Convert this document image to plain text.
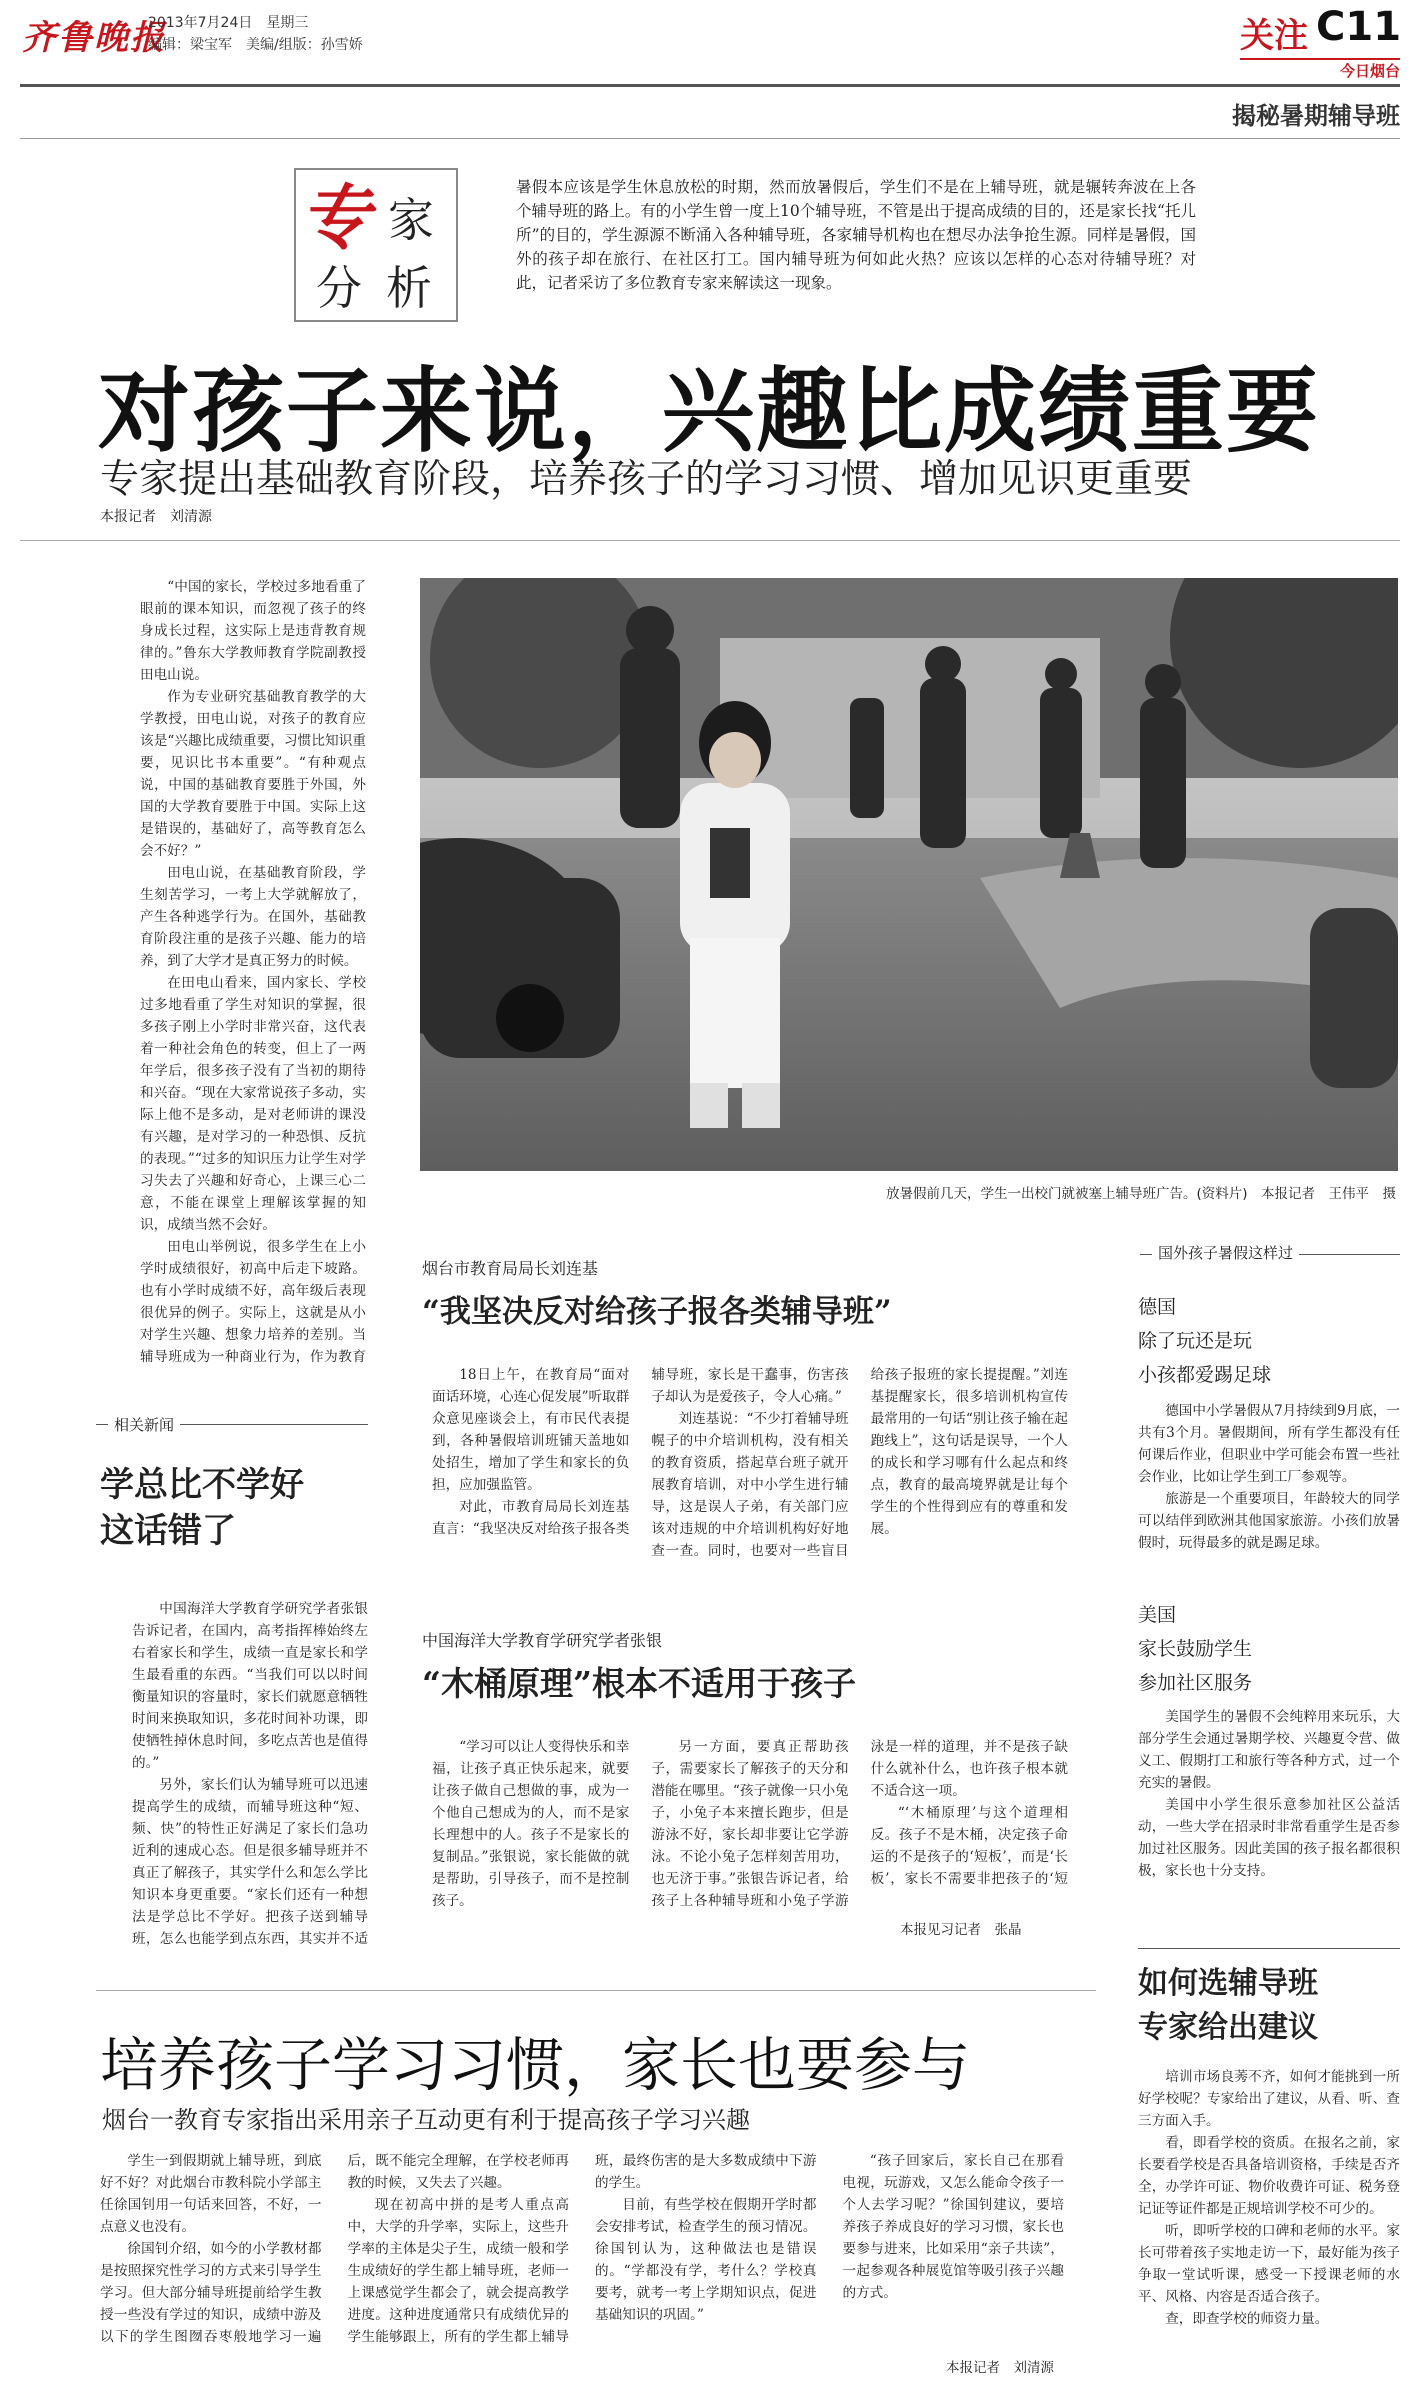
齐鲁晚报
2013年7月24日　星期三
编辑：梁宝军　美编/组版：孙雪娇	关注 C11
今日烟台
揭秘暑期辅导班
专 家
分 析
暑假本应该是学生休息放松的时期，然而放暑假后，学生们不是在上辅导班，就是辗转奔波在上各个辅导班的路上。有的小学生曾一度上10个辅导班，不管是出于提高成绩的目的，还是家长找“托儿所”的目的，学生源源不断涌入各种辅导班，各家辅导机构也在想尽办法争抢生源。同样是暑假，国外的孩子却在旅行、在社区打工。国内辅导班为何如此火热？应该以怎样的心态对待辅导班？对此，记者采访了多位教育专家来解读这一现象。
对孩子来说，兴趣比成绩重要
专家提出基础教育阶段，培养孩子的学习习惯、增加见识更重要
本报记者　刘清源

“中国的家长，学校过多地看重了眼前的课本知识，而忽视了孩子的终身成长过程，这实际上是违背教育规律的。”鲁东大学教师教育学院副教授田电山说。

作为专业研究基础教育教学的大学教授，田电山说，对孩子的教育应该是“兴趣比成绩重要，习惯比知识重要，见识比书本重要”。“有种观点说，中国的基础教育要胜于外国，外国的大学教育要胜于中国。实际上这是错误的，基础好了，高等教育怎么会不好？”

田电山说，在基础教育阶段，学生刻苦学习，一考上大学就解放了，产生各种逃学行为。在国外，基础教育阶段注重的是孩子兴趣、能力的培养，到了大学才是真正努力的时候。

在田电山看来，国内家长、学校过多地看重了学生对知识的掌握，很多孩子刚上小学时非常兴奋，这代表着一种社会角色的转变，但上了一两年学后，很多孩子没有了当初的期待和兴奋。“现在大家常说孩子多动，实际上他不是多动，是对老师讲的课没有兴趣，是对学习的一种恐惧、反抗的表现。”“过多的知识压力让学生对学习失去了兴趣和好奇心，上课三心二意，不能在课堂上理解该掌握的知识，成绩当然不会好。

田电山举例说，很多学生在上小学时成绩很好，初高中后走下坡路。也有小学时成绩不好，高年级后表现很优异的例子。实际上，这就是从小对学生兴趣、想象力培养的差别。当辅导班成为一种商业行为，作为教育

放暑假前几天，学生一出校门就被塞上辅导班广告。(资料片)　本报记者　王伟平　摄
相关新闻
学总比不学好
这话错了

中国海洋大学教育学研究学者张银告诉记者，在国内，高考指挥棒始终左右着家长和学生，成绩一直是家长和学生最看重的东西。“当我们可以以时间衡量知识的容量时，家长们就愿意牺牲时间来换取知识，多花时间补功课，即使牺牲掉休息时间，多吃点苦也是值得的。”

另外，家长们认为辅导班可以迅速提高学生的成绩，而辅导班这种“短、频、快”的特性正好满足了家长们急功近利的速成心态。但是很多辅导班并不真正了解孩子，其实学什么和怎么学比知识本身更重要。“家长们还有一种想法是学总比不学好。把孩子送到辅导班，怎么也能学到点东西，其实并不适

烟台市教育局局长刘连基
“我坚决反对给孩子报各类辅导班”

18日上午，在教育局“面对面话环境，心连心促发展”听取群众意见座谈会上，有市民代表提到，各种暑假培训班铺天盖地如处招生，增加了学生和家长的负担，应加强监管。

对此，市教育局局长刘连基直言：“我坚决反对给孩子报各类辅导班，家长是干蠢事，伤害孩子却认为是爱孩子，令人心痛。”

刘连基说：“不少打着辅导班幌子的中介培训机构，没有相关的教育资质，搭起草台班子就开展教育培训，对中小学生进行辅导，这是误人子弟，有关部门应该对违规的中介培训机构好好地查一查。同时，也要对一些盲目给孩子报班的家长提提醒。”刘连基提醒家长，很多培训机构宣传最常用的一句话“别让孩子输在起跑线上”，这句话是误导，一个人的成长和学习哪有什么起点和终点，教育的最高境界就是让每个学生的个性得到应有的尊重和发展。

中国海洋大学教育学研究学者张银
“木桶原理”根本不适用于孩子

“学习可以让人变得快乐和幸福，让孩子真正快乐起来，就要让孩子做自己想做的事，成为一个他自己想成为的人，而不是家长理想中的人。孩子不是家长的复制品。”张银说，家长能做的就是帮助，引导孩子，而不是控制孩子。

另一方面，要真正帮助孩子，需要家长了解孩子的天分和潜能在哪里。“孩子就像一只小兔子，小兔子本来擅长跑步，但是游泳不好，家长却非要让它学游泳。不论小兔子怎样刻苦用功，也无济于事。”张银告诉记者，给孩子上各种辅导班和小兔子学游泳是一样的道理，并不是孩子缺什么就补什么，也许孩子根本就不适合这一项。

“‘木桶原理’与这个道理相反。孩子不是木桶，决定孩子命运的不是孩子的‘短板’，而是‘长板’，家长不需要非把孩子的‘短

本报见习记者　张晶
国外孩子暑假这样过
德国
除了玩还是玩
小孩都爱踢足球

德国中小学暑假从7月持续到9月底，一共有3个月。暑假期间，所有学生都没有任何课后作业，但职业中学可能会布置一些社会作业，比如让学生到工厂参观等。

旅游是一个重要项目，年龄较大的同学可以结伴到欧洲其他国家旅游。小孩们放暑假时，玩得最多的就是踢足球。

美国
家长鼓励学生
参加社区服务

美国学生的暑假不会纯粹用来玩乐，大部分学生会通过暑期学校、兴趣夏令营、做义工、假期打工和旅行等各种方式，过一个充实的暑假。

美国中小学生很乐意参加社区公益活动，一些大学在招录时非常看重学生是否参加过社区服务。因此美国的孩子报名都很积极，家长也十分支持。

如何选辅导班
专家给出建议

培训市场良莠不齐，如何才能挑到一所好学校呢？专家给出了建议，从看、听、查三方面入手。

看，即看学校的资质。在报名之前，家长要看学校是否具备培训资格，手续是否齐全，办学许可证、物价收费许可证、税务登记证等证件都是正规培训学校不可少的。

听，即听学校的口碑和老师的水平。家长可带着孩子实地走访一下，最好能为孩子争取一堂试听课，感受一下授课老师的水平、风格、内容是否适合孩子。

查，即查学校的师资力量。

培养孩子学习习惯，家长也要参与
烟台一教育专家指出采用亲子互动更有利于提高孩子学习兴趣

学生一到假期就上辅导班，到底好不好？对此烟台市教科院小学部主任徐国钊用一句话来回答，不好，一点意义也没有。

徐国钊介绍，如今的小学教材都是按照探究性学习的方式来引导学生学习。但大部分辅导班提前给学生教授一些没有学过的知识，成绩中游及以下的学生图囫吞枣般地学习一遍后，既不能完全理解，在学校老师再教的时候，又失去了兴趣。

现在初高中拼的是考人重点高中，大学的升学率，实际上，这些升学率的主体是尖子生，成绩一般和学生成绩好的学生都上辅导班，老师一上课感觉学生都会了，就会提高教学进度。这种进度通常只有成绩优异的学生能够跟上，所有的学生都上辅导班，最终伤害的是大多数成绩中下游的学生。

目前，有些学校在假期开学时都会安排考试，检查学生的预习情况。徐国钊认为，这种做法也是错误的。“学都没有学，考什么？学校真要考，就考一考上学期知识点，促进基础知识的巩固。”

“孩子回家后，家长自己在那看电视，玩游戏，又怎么能命令孩子一个人去学习呢？”徐国钊建议，要培养孩子养成良好的学习习惯，家长也要参与进来，比如采用“亲子共读”，一起参观各种展览馆等吸引孩子兴趣的方式。

本报记者　刘清源
